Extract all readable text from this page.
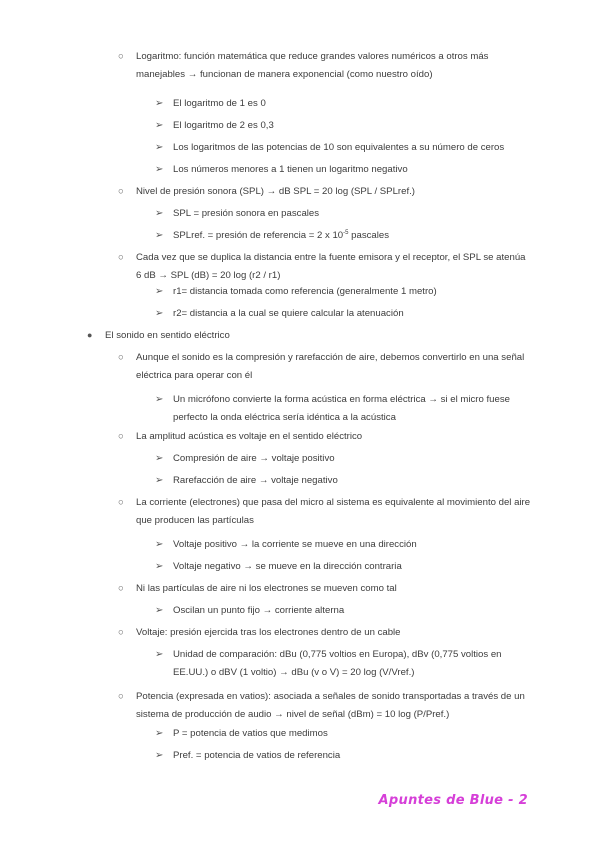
○	Logaritmo: función matemática que reduce grandes valores numéricos a otros más manejables → funcionan de manera exponencial (como nuestro oído)
➢	El logaritmo de 1 es 0
➢	El logaritmo de 2 es 0,3
➢	Los logaritmos de las potencias de 10 son equivalentes a su número de ceros
➢	Los números menores a 1 tienen un logaritmo negativo
○	Nivel de presión sonora (SPL) → dB SPL = 20 log (SPL / SPLref.)
➢	SPL = presión sonora en pascales
➢	SPLref. = presión de referencia = 2 x $10^{-5}$ pascales
○	Cada vez que se duplica la distancia entre la fuente emisora y el receptor, el SPL se atenúa 6 dB → SPL (dB) = 20 log (r2 / r1)
➢	r1= distancia tomada como referencia (generalmente 1 metro)
➢	r2= distancia a la cual se quiere calcular la atenuación
●	El sonido en sentido eléctrico
○	Aunque el sonido es la compresión y rarefacción de aire, debemos convertirlo en una señal eléctrica para operar con él
➢	Un micrófono convierte la forma acústica en forma eléctrica → si el micro fuese perfecto la onda eléctrica sería idéntica a la acústica
○	La amplitud acústica es voltaje en el sentido eléctrico
➢	Compresión de aire → voltaje positivo
➢	Rarefacción de aire → voltaje negativo
○	La corriente (electrones) que pasa del micro al sistema es equivalente al movimiento del aire que producen las partículas
➢	Voltaje positivo → la corriente se mueve en una dirección
➢	Voltaje negativo → se mueve en la dirección contraria
○	Ni las partículas de aire ni los electrones se mueven como tal
➢	Oscilan un punto fijo → corriente alterna
○	Voltaje: presión ejercida tras los electrones dentro de un cable
➢	Unidad de comparación: dBu (0,775 voltios en Europa), dBv (0,775 voltios en EE.UU.) o dBV (1 voltio) → dBu (v o V) = 20 log (V/Vref.)
○	Potencia (expresada en vatios): asociada a señales de sonido transportadas a través de un sistema de producción de audio → nivel de señal (dBm) = 10 log (P/Pref.)
➢	P = potencia de vatios que medimos
➢	Pref. = potencia de vatios de referencia
Apuntes de Blue - 2
